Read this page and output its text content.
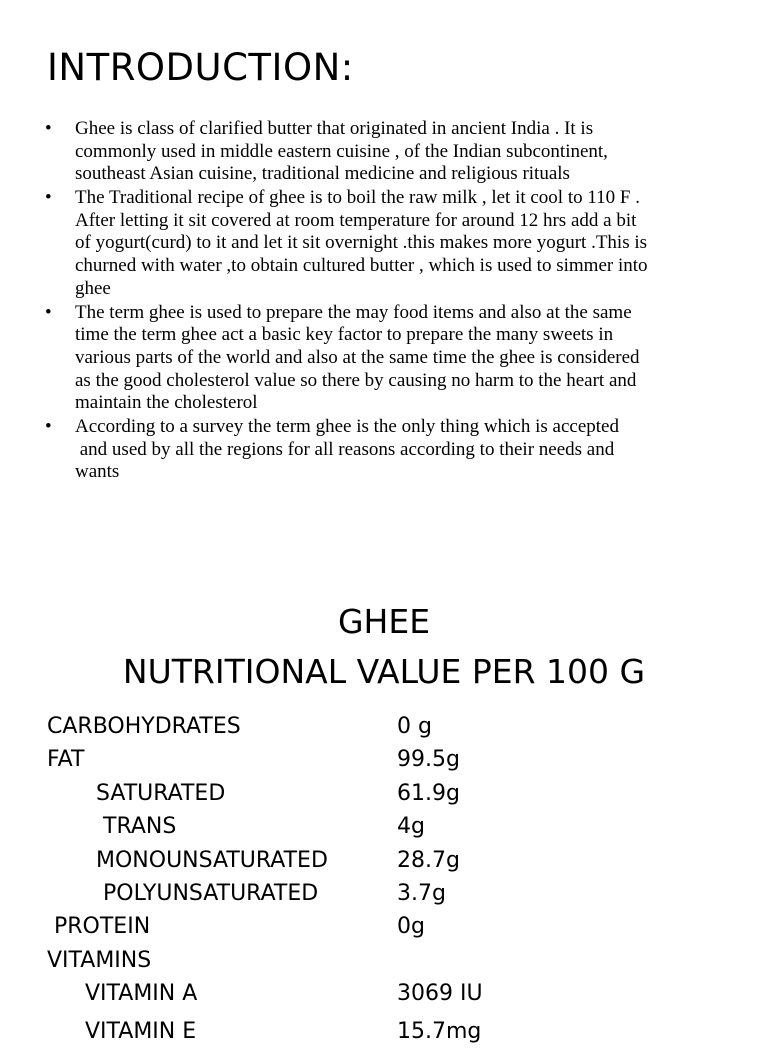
INTRODUCTION:
• Ghee is class of clarified butter that originated in ancient India . It is
commonly used in middle eastern cuisine , of the Indian subcontinent,
southeast Asian cuisine, traditional medicine and religious rituals
• The Traditional recipe of ghee is to boil the raw milk , let it cool to 110 F .
After letting it sit covered at room temperature for around 12 hrs add a bit
of yogurt(curd) to it and let it sit overnight .this makes more yogurt .This is
churned with water ,to obtain cultured butter , which is used to simmer into
ghee
• The term ghee is used to prepare the may food items and also at the same
time the term ghee act a basic key factor to prepare the many sweets in
various parts of the world and also at the same time the ghee is considered
as the good cholesterol value so there by causing no harm to the heart and
maintain the cholesterol
• According to a survey the term ghee is the only thing which is accepted
and used by all the regions for all reasons according to their needs and
wants
GHEE
NUTRITIONAL VALUE PER 100 G
CARBOHYDRATES	0 g
FAT	99.5g
SATURATED	61.9g
TRANS	4g
MONOUNSATURATED	28.7g
POLYUNSATURATED	3.7g
PROTEIN	0g
VITAMINS
VITAMIN A	3069 IU
VITAMIN E	15.7mg
